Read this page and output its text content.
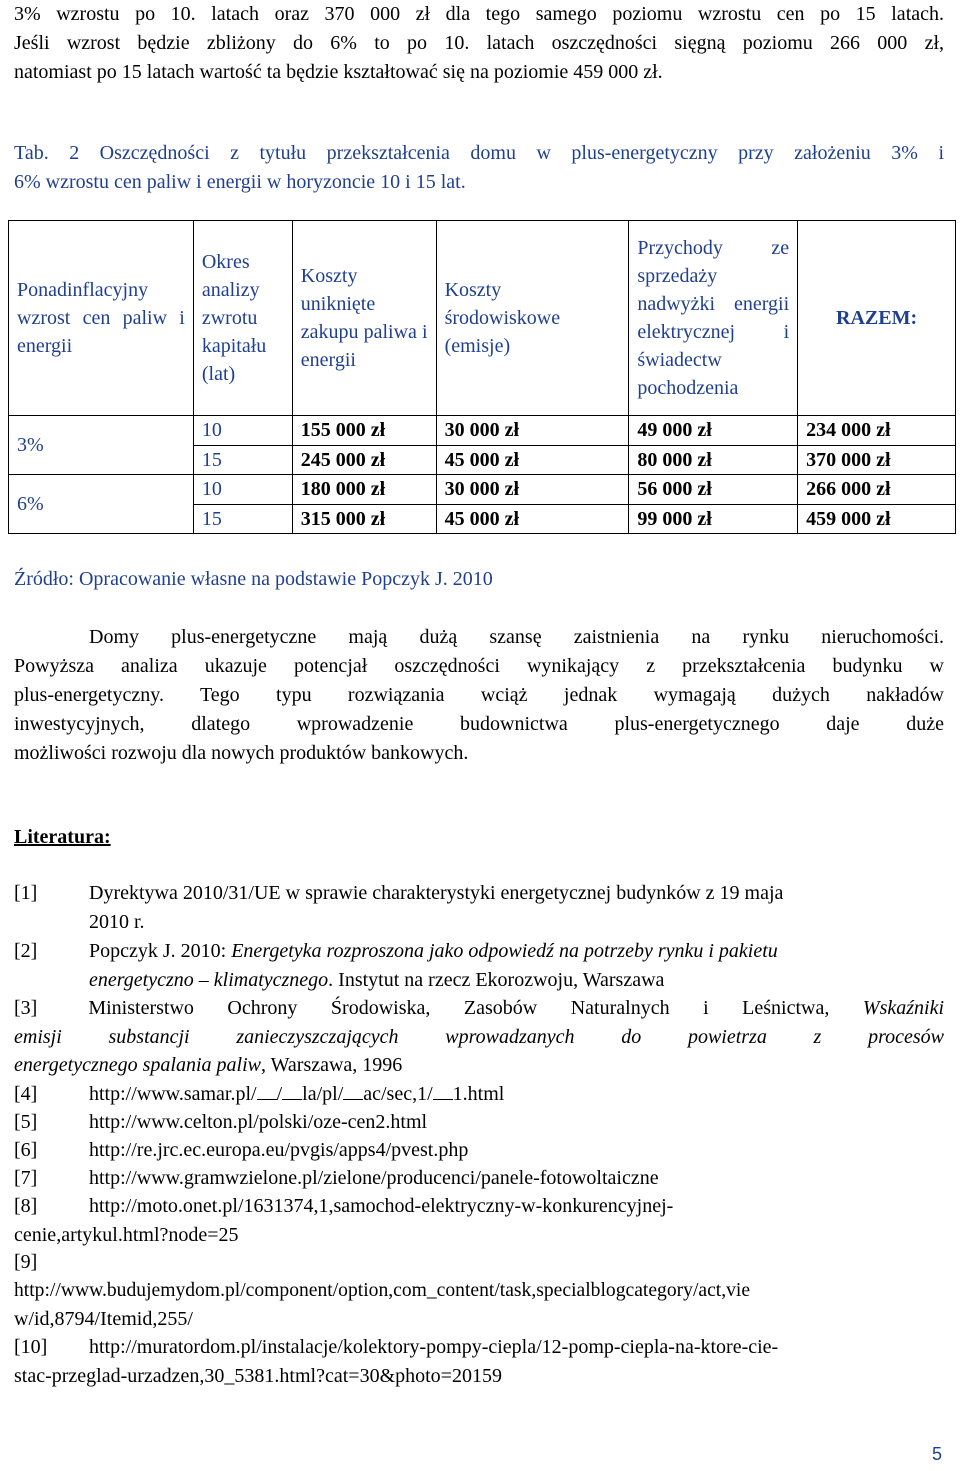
3% wzrostu po 10. latach oraz 370 000 zł dla tego samego poziomu wzrostu cen po 15 latach.
Jeśli wzrost będzie zbliżony do 6% to po 10. latach oszczędności sięgną poziomu 266 000 zł,
natomiast po 15 latach wartość ta będzie kształtować się na poziomie 459 000 zł.
Tab. 2 Oszczędności z tytułu przekształcenia domu w plus-energetyczny przy założeniu 3% i
6% wzrostu cen paliw i energii w horyzoncie 10 i 15 lat.
Ponadinflacyjny wzrost cen paliw i energii	Okres analizy zwrotu kapitału (lat)	Koszty uniknięte zakupu paliwa i energii	Koszty środowiskowe (emisje)	Przychody ze sprzedaży nadwyżki energii elektrycznej i świadectw pochodzenia	RAZEM:
3%	10	155 000 zł	30 000 zł	49 000 zł	234 000 zł
	15	245 000 zł	45 000 zł	80 000 zł	370 000 zł
6%	10	180 000 zł	30 000 zł	56 000 zł	266 000 zł
	15	315 000 zł	45 000 zł	99 000 zł	459 000 zł
Źródło: Opracowanie własne na podstawie Popczyk J. 2010
Domy plus-energetyczne mają dużą szansę zaistnienia na rynku nieruchomości.
Powyższa analiza ukazuje potencjał oszczędności wynikający z przekształcenia budynku w
plus-energetyczny. Tego typu rozwiązania wciąż jednak wymagają dużych nakładów
inwestycyjnych, dlatego wprowadzenie budownictwa plus-energetycznego daje duże
możliwości rozwoju dla nowych produktów bankowych.
Literatura:
[1]	Dyrektywa 2010/31/UE w sprawie charakterystyki energetycznej budynków z 19 maja
2010 r.
[2]	Popczyk J. 2010: Energetyka rozproszona jako odpowiedź na potrzeby rynku i pakietu
energetyczno – klimatycznego. Instytut na rzecz Ekorozwoju, Warszawa
[3]	Ministerstwo Ochrony Środowiska, Zasobów Naturalnych i Leśnictwa, Wskaźniki
emisji substancji zanieczyszczających wprowadzanych do powietrza z procesów
energetycznego spalania paliw, Warszawa, 1996
[4]	http://www.samar.pl/ / la/pl/ ac/sec,1/ 1.html
[5]	http://www.celton.pl/polski/oze-cen2.html
[6]	http://re.jrc.ec.europa.eu/pvgis/apps4/pvest.php
[7]	http://www.gramwzielone.pl/zielone/producenci/panele-fotowoltaiczne
[8]	http://moto.onet.pl/1631374,1,samochod-elektryczny-w-konkurencyjnej-
cenie,artykul.html?node=25
[9]
http://www.budujemydom.pl/component/option,com_content/task,specialblogcategory/act,vie
w/id,8794/Itemid,255/
[10] http://muratordom.pl/instalacje/kolektory-pompy-ciepla/12-pomp-ciepla-na-ktore-cie-
stac-przeglad-urzadzen,30_5381.html?cat=30&photo=20159
5
